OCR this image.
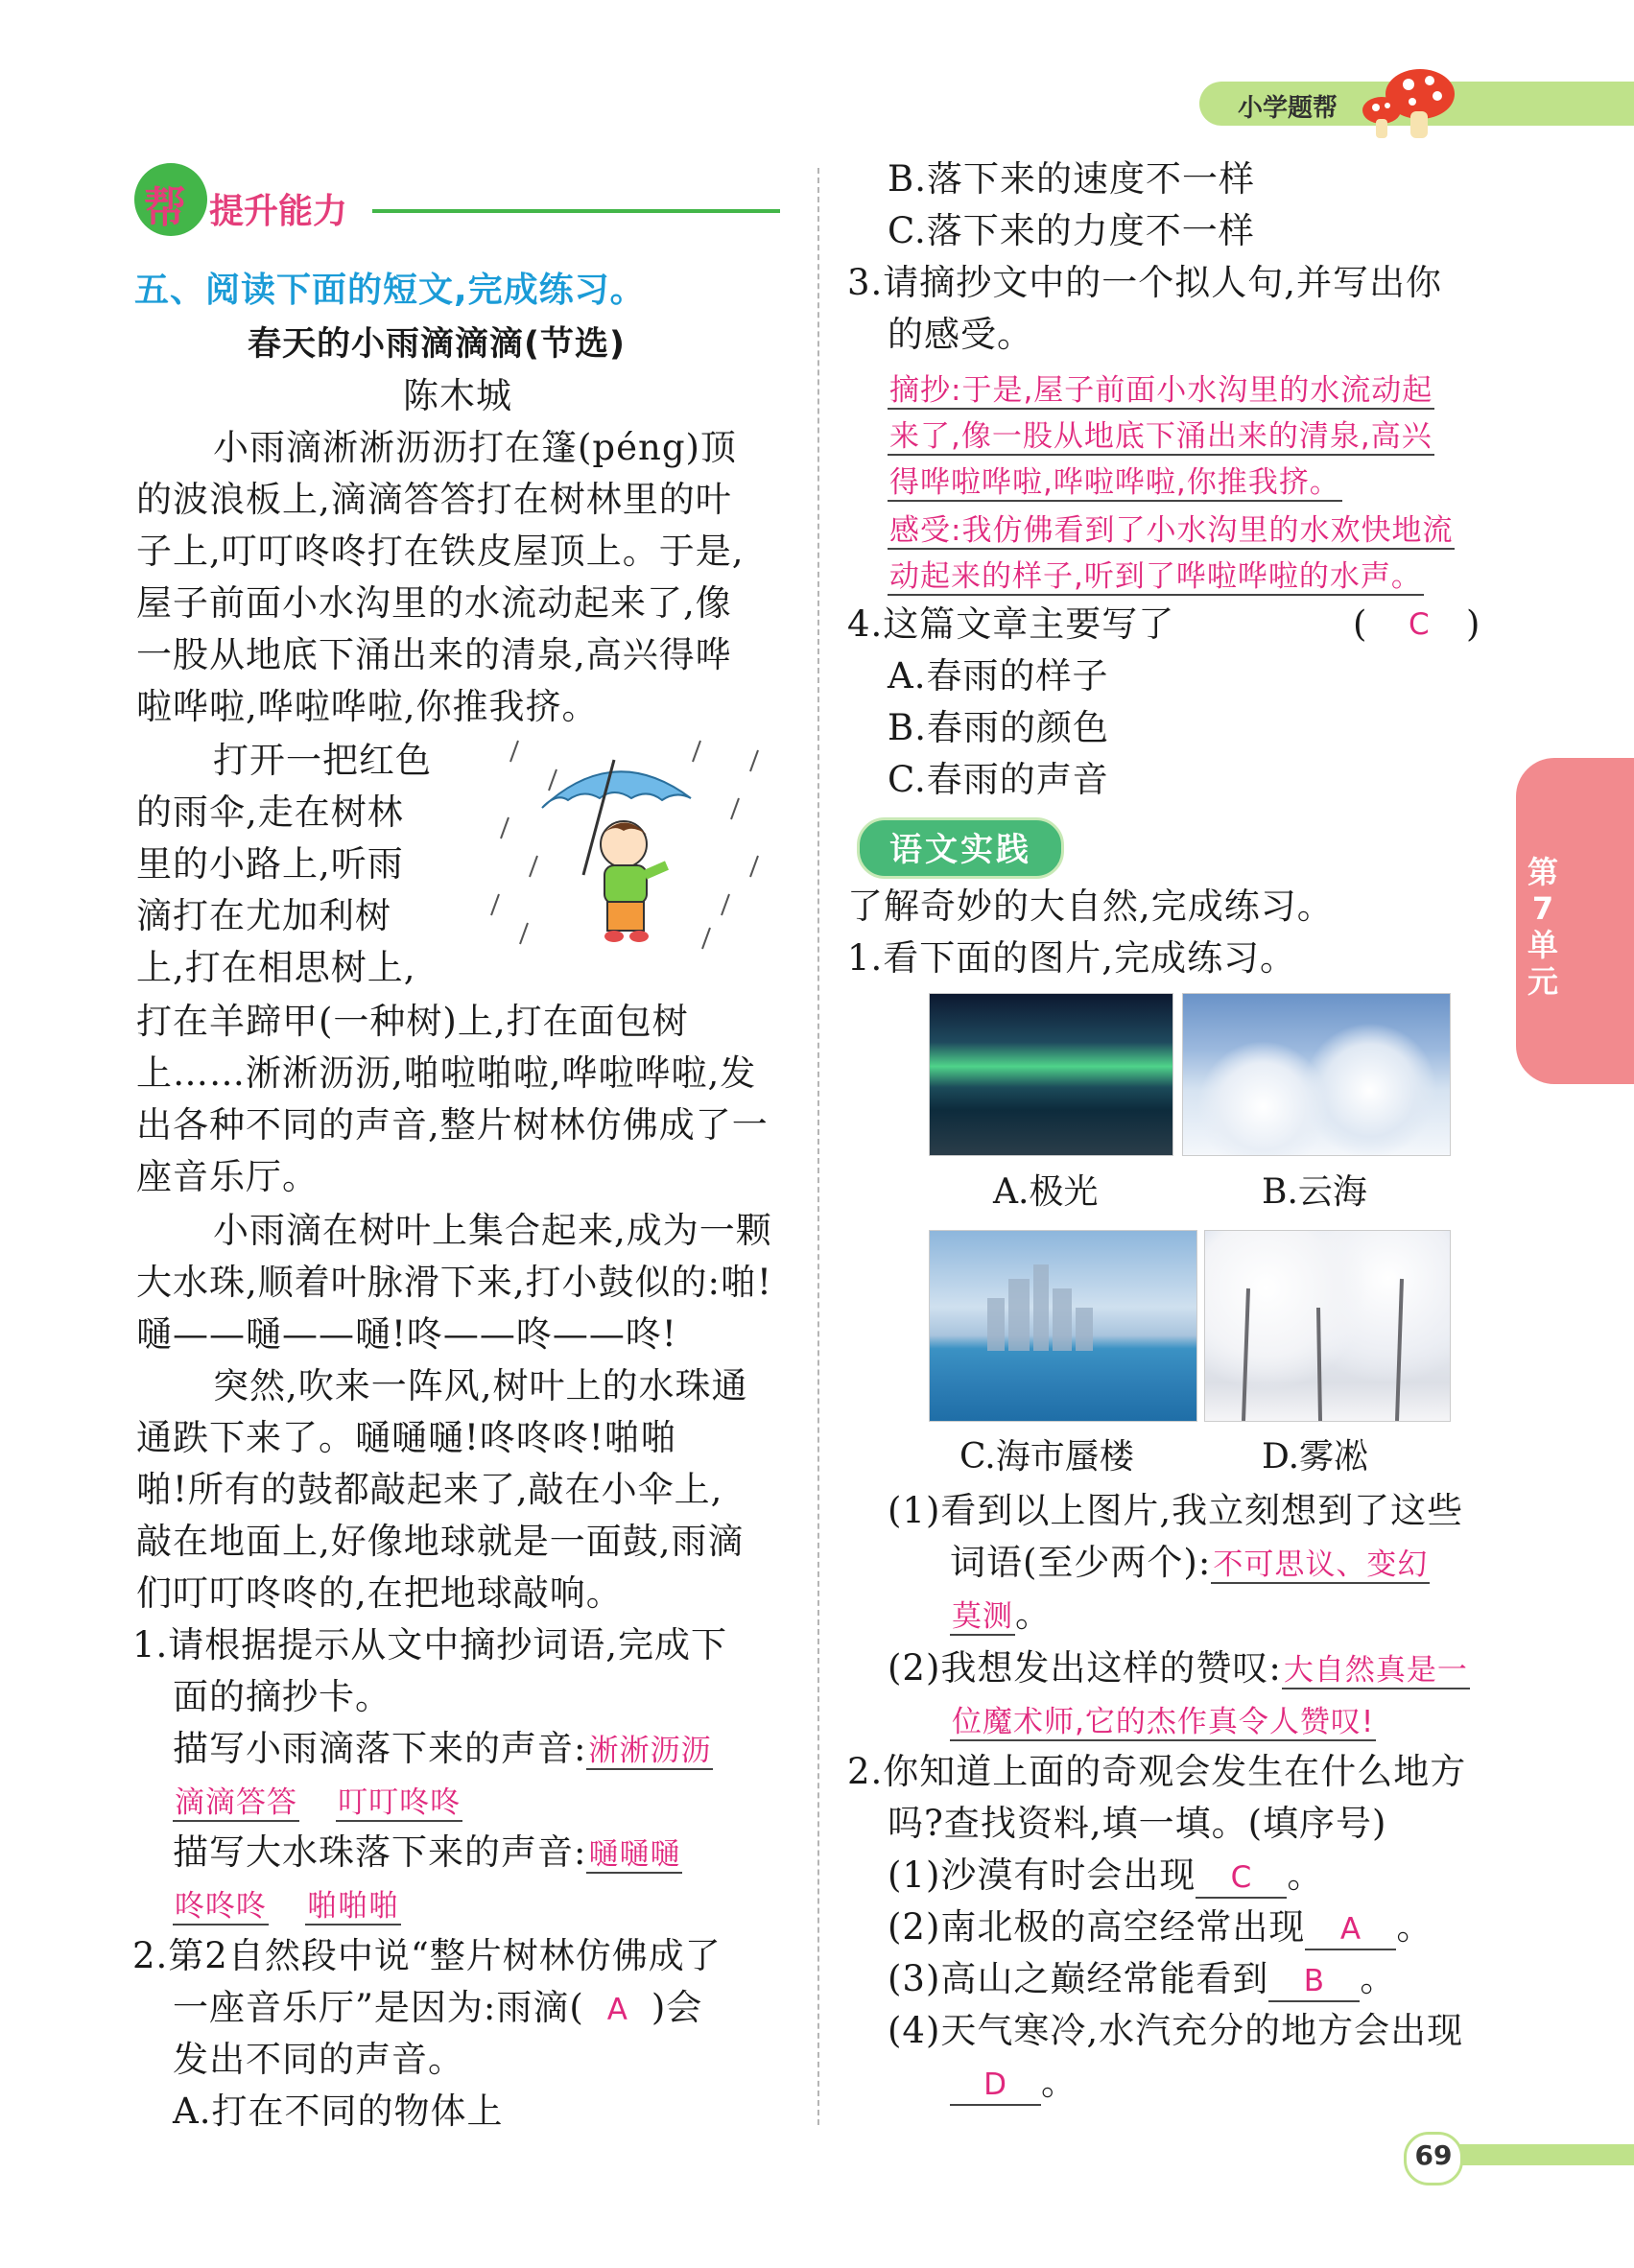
小学题帮
帮 提升能力
五、阅读下面的短文,完成练习。
春天的小雨滴滴滴(节选)
陈木城
小雨滴淅淅沥沥打在篷(péng)顶
的波浪板上,滴滴答答打在树林里的叶
子上,叮叮咚咚打在铁皮屋顶上。于是,
屋子前面小水沟里的水流动起来了,像
一股从地底下涌出来的清泉,高兴得哗
啦哗啦,哗啦哗啦,你推我挤。
打开一把红色
的雨伞,走在树林
里的小路上,听雨
滴打在尤加利树
上,打在相思树上,
打在羊蹄甲(一种树)上,打在面包树
上……淅淅沥沥,啪啦啪啦,哗啦哗啦,发
出各种不同的声音,整片树林仿佛成了一
座音乐厅。
小雨滴在树叶上集合起来,成为一颗
大水珠,顺着叶脉滑下来,打小鼓似的:啪!
嗵——嗵——嗵!咚——咚——咚!
突然,吹来一阵风,树叶上的水珠通
通跌下来了。嗵嗵嗵!咚咚咚!啪啪
啪!所有的鼓都敲起来了,敲在小伞上,
敲在地面上,好像地球就是一面鼓,雨滴
们叮叮咚咚的,在把地球敲响。
1.请根据提示从文中摘抄词语,完成下
面的摘抄卡。
描写小雨滴落下来的声音:淅淅沥沥
滴滴答答 叮叮咚咚
描写大水珠落下来的声音:嗵嗵嗵
咚咚咚 啪啪啪
2.第2自然段中说“整片树林仿佛成了
一座音乐厅”是因为:雨滴( A )会
发出不同的声音。
A.打在不同的物体上
B.落下来的速度不一样
C.落下来的力度不一样
3.请摘抄文中的一个拟人句,并写出你
的感受。
摘抄:于是,屋子前面小水沟里的水流动起
来了,像一股从地底下涌出来的清泉,高兴
得哗啦哗啦,哗啦哗啦,你推我挤。
感受:我仿佛看到了小水沟里的水欢快地流
动起来的样子,听到了哗啦哗啦的水声。
4.这篇文章主要写了	( C )
A.春雨的样子
B.春雨的颜色
C.春雨的声音
语文实践
了解奇妙的大自然,完成练习。
1.看下面的图片,完成练习。
A.极光	B.云海
C.海市蜃楼	D.雾凇
(1)看到以上图片,我立刻想到了这些
词语(至少两个):不可思议、变幻
莫测。
(2)我想发出这样的赞叹:大自然真是一
位魔术师,它的杰作真令人赞叹!
2.你知道上面的奇观会发生在什么地方
吗?查找资料,填一填。(填序号)
(1)沙漠有时会出现 C 。
(2)南北极的高空经常出现 A 。
(3)高山之巅经常能看到 B 。
(4)天气寒冷,水汽充分的地方会出现
D 。
第7单元
69
